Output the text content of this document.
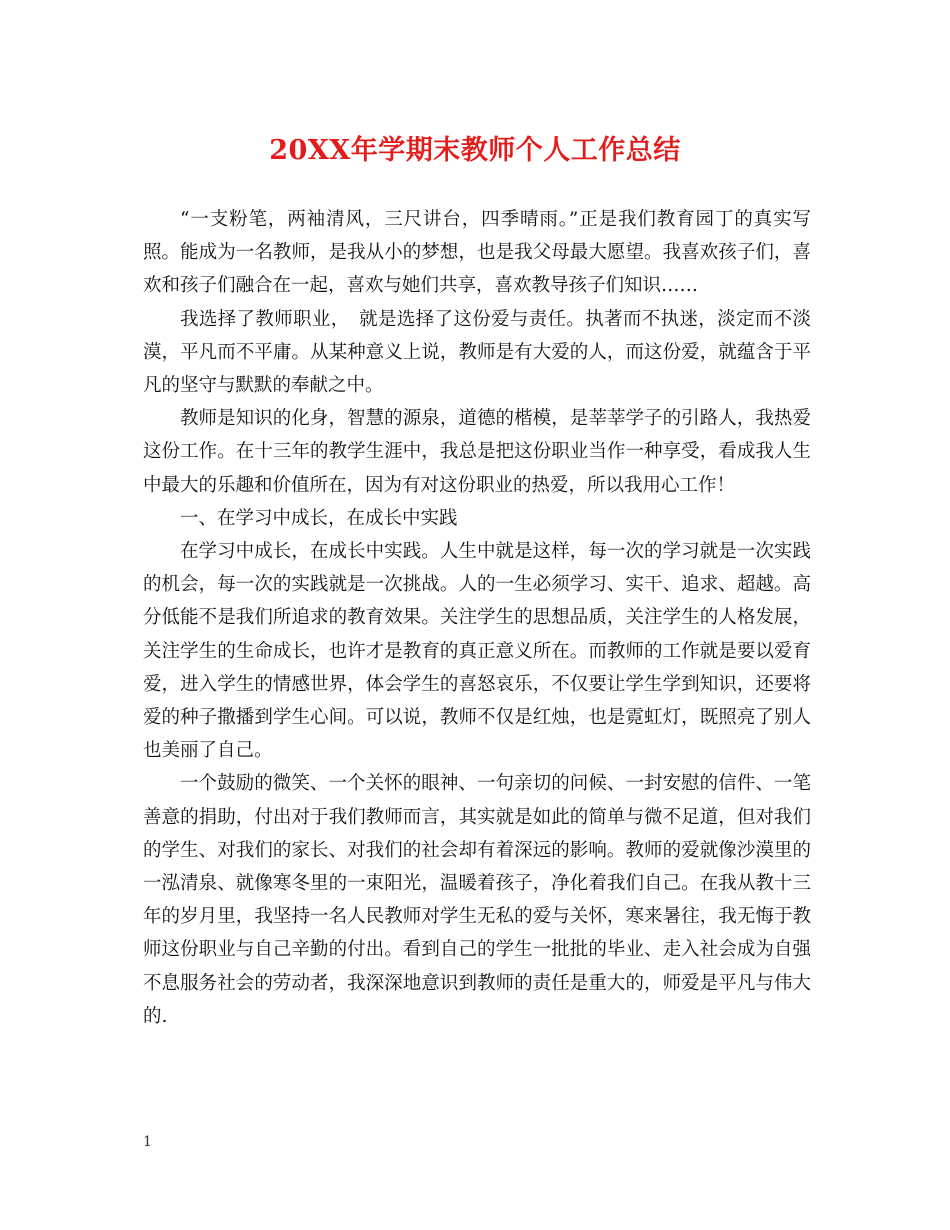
20XX年学期末教师个人工作总结

“一支粉笔，两袖清风，三尺讲台，四季晴雨。”正是我们教育园丁的真实写照。能成为一名教师，是我从小的梦想，也是我父母最大愿望。我喜欢孩子们，喜欢和孩子们融合在一起，喜欢与她们共享，喜欢教导孩子们知识……

我选择了教师职业，　就是选择了这份爱与责任。执著而不执迷，淡定而不淡漠，平凡而不平庸。从某种意义上说，教师是有大爱的人，而这份爱，就蕴含于平凡的坚守与默默的奉献之中。

教师是知识的化身，智慧的源泉，道德的楷模，是莘莘学子的引路人，我热爱这份工作。在十三年的教学生涯中，我总是把这份职业当作一种享受，看成我人生中最大的乐趣和价值所在，因为有对这份职业的热爱，所以我用心工作！

一、在学习中成长，在成长中实践

在学习中成长，在成长中实践。人生中就是这样，每一次的学习就是一次实践的机会，每一次的实践就是一次挑战。人的一生必须学习、实干、追求、超越。高分低能不是我们所追求的教育效果。关注学生的思想品质，关注学生的人格发展，关注学生的生命成长，也许才是教育的真正意义所在。而教师的工作就是要以爱育爱，进入学生的情感世界，体会学生的喜怒哀乐，不仅要让学生学到知识，还要将爱的种子撒播到学生心间。可以说，教师不仅是红烛，也是霓虹灯，既照亮了别人也美丽了自己。

一个鼓励的微笑、一个关怀的眼神、一句亲切的问候、一封安慰的信件、一笔善意的捐助，付出对于我们教师而言，其实就是如此的简单与微不足道，但对我们的学生、对我们的家长、对我们的社会却有着深远的影响。教师的爱就像沙漠里的一泓清泉、就像寒冬里的一束阳光，温暖着孩子，净化着我们自己。在我从教十三年的岁月里，我坚持一名人民教师对学生无私的爱与关怀，寒来暑往，我无悔于教师这份职业与自己辛勤的付出。看到自己的学生一批批的毕业、走入社会成为自强不息服务社会的劳动者，我深深地意识到教师的责任是重大的，师爱是平凡与伟大的.

1
